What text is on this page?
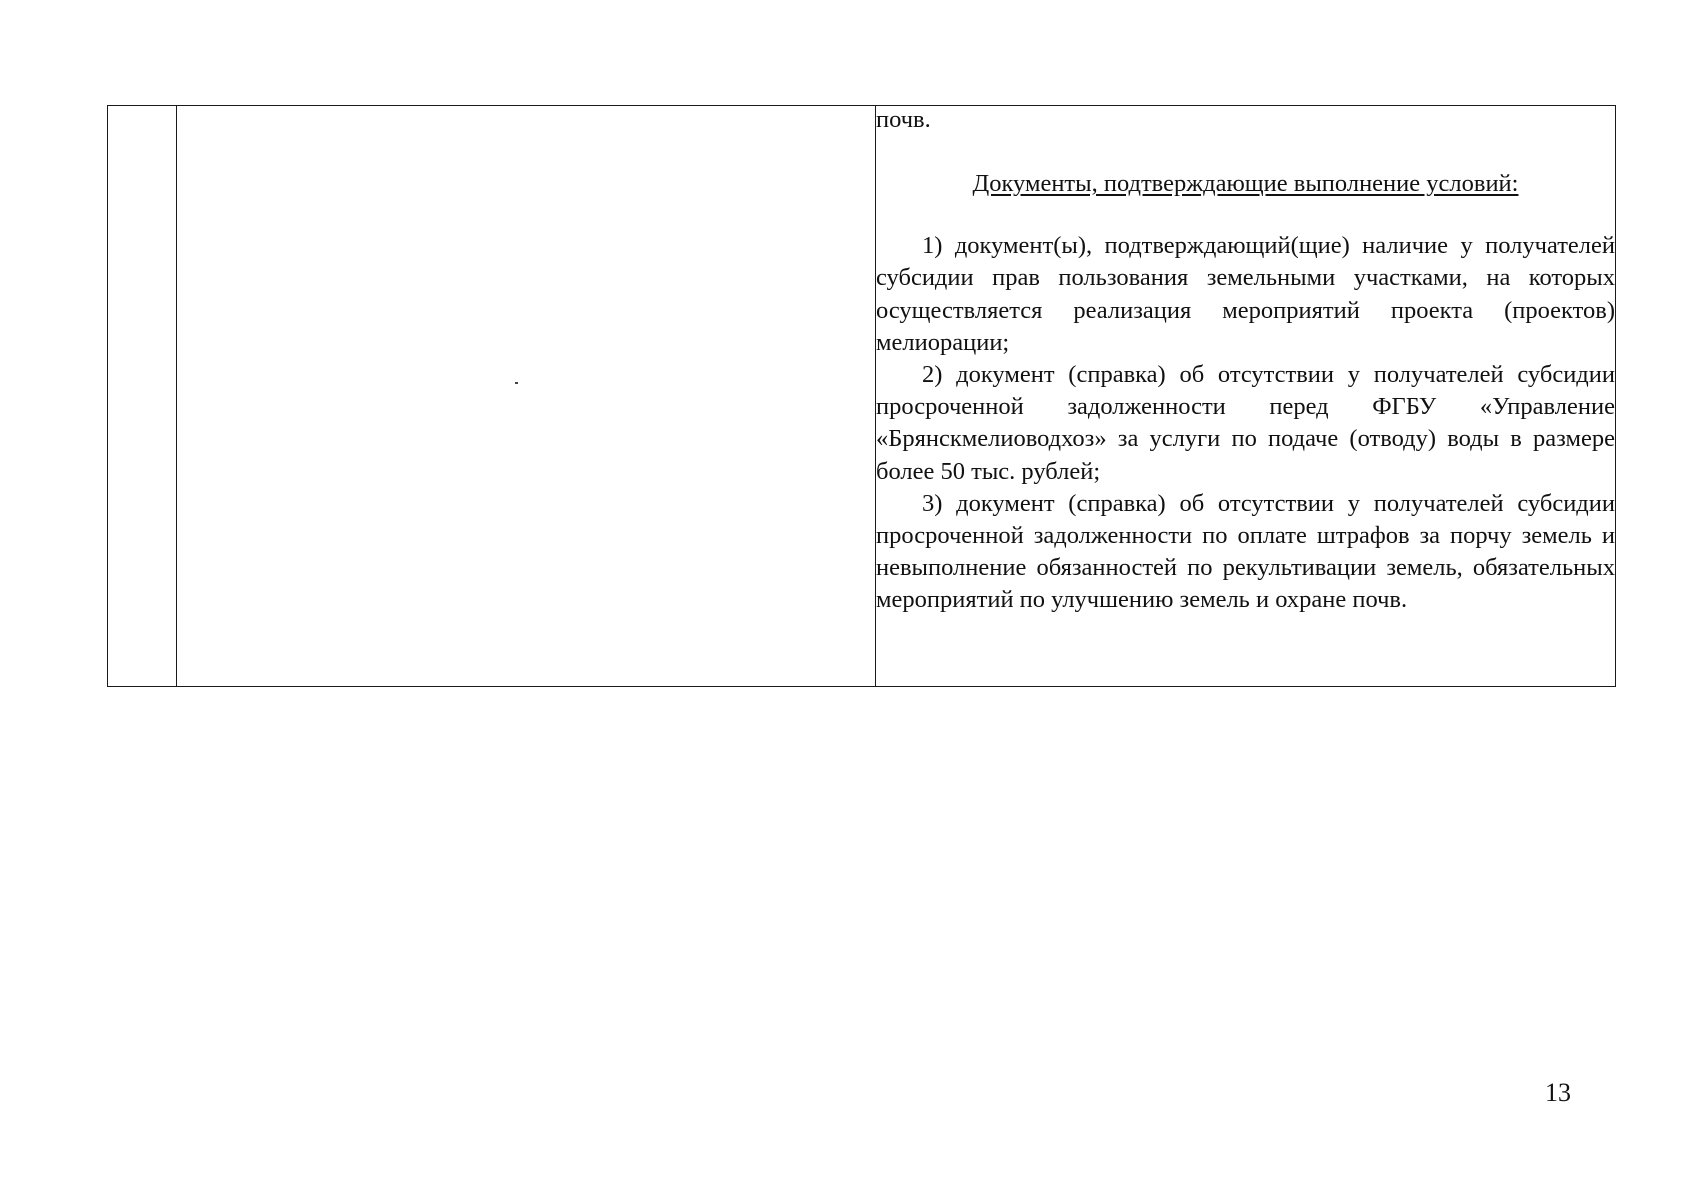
почв.

Документы, подтверждающие выполнение условий:

1) документ(ы), подтверждающий(щие) наличие у получателей субсидии прав пользования земельными участками, на которых осуществляется реализация мероприятий проекта (проектов) мелиорации;

2) документ (справка) об отсутствии у получателей субсидии просроченной задолженности перед ФГБУ «Управление «Брянскмелиоводхоз» за услуги по подаче (отводу) воды в размере более 50 тыс. рублей;

3) документ (справка) об отсутствии у получателей субсидии просроченной задолженности по оплате штрафов за порчу земель и невыполнение обязанностей по рекультивации земель, обязательных мероприятий по улучшению земель и охране почв.

13
